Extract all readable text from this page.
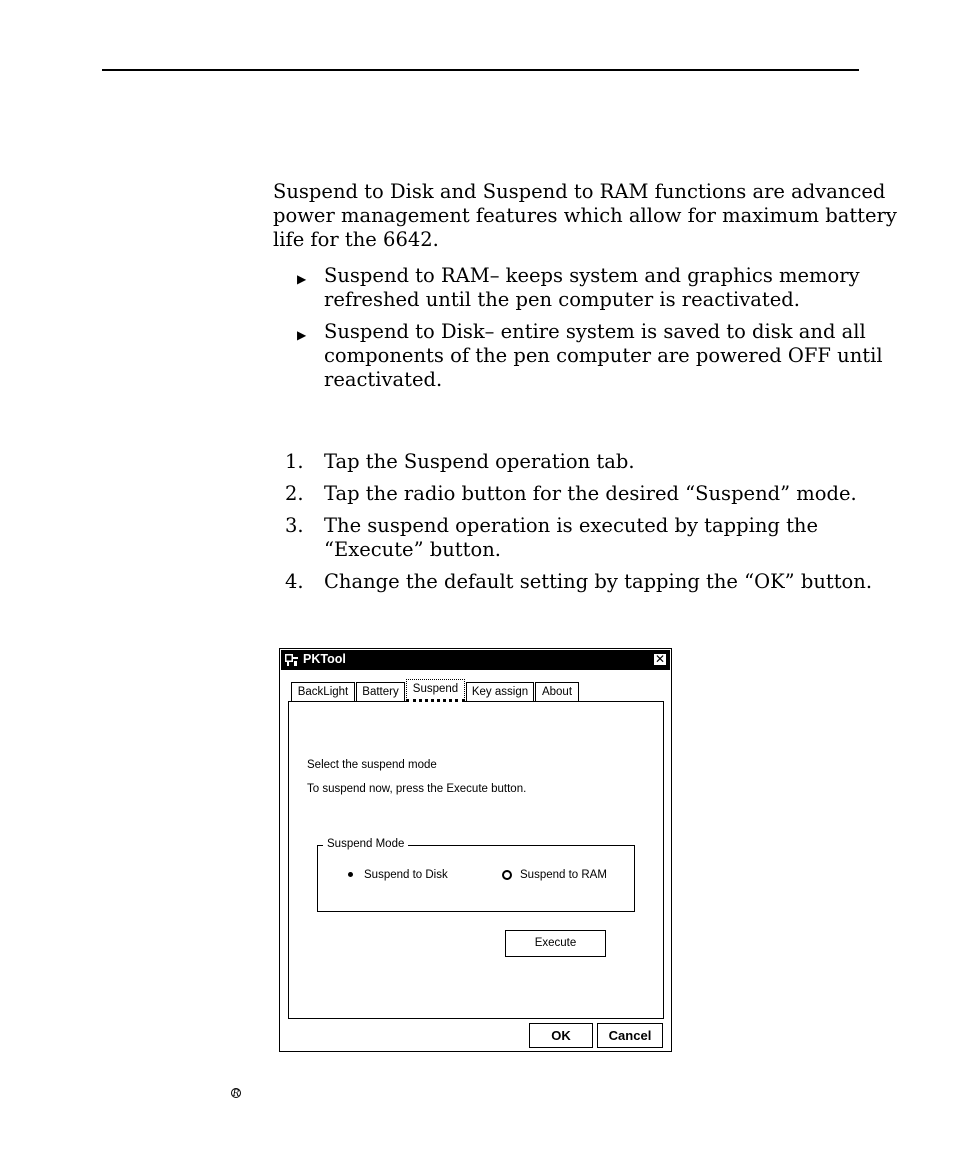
Suspend to Disk and Suspend to RAM functions are advanced power management features which allow for maximum battery life for the 6642.

▶ Suspend to RAM– keeps system and graphics memory refreshed until the pen computer is reactivated.
▶ Suspend to Disk– entire system is saved to disk and all components of the pen computer are powered OFF until reactivated.
1. Tap the Suspend operation tab.
2. Tap the radio button for the desired “Suspend” mode.
3. The suspend operation is executed by tapping the “Execute” button.
4. Change the default setting by tapping the “OK” button.
PKTool	✕
BackLight	Battery	Suspend	Key assign	About
Select the suspend mode
To suspend now, press the Execute button.
Suspend Mode
Suspend to Disk	Suspend to RAM
Execute
OK	Cancel
R
